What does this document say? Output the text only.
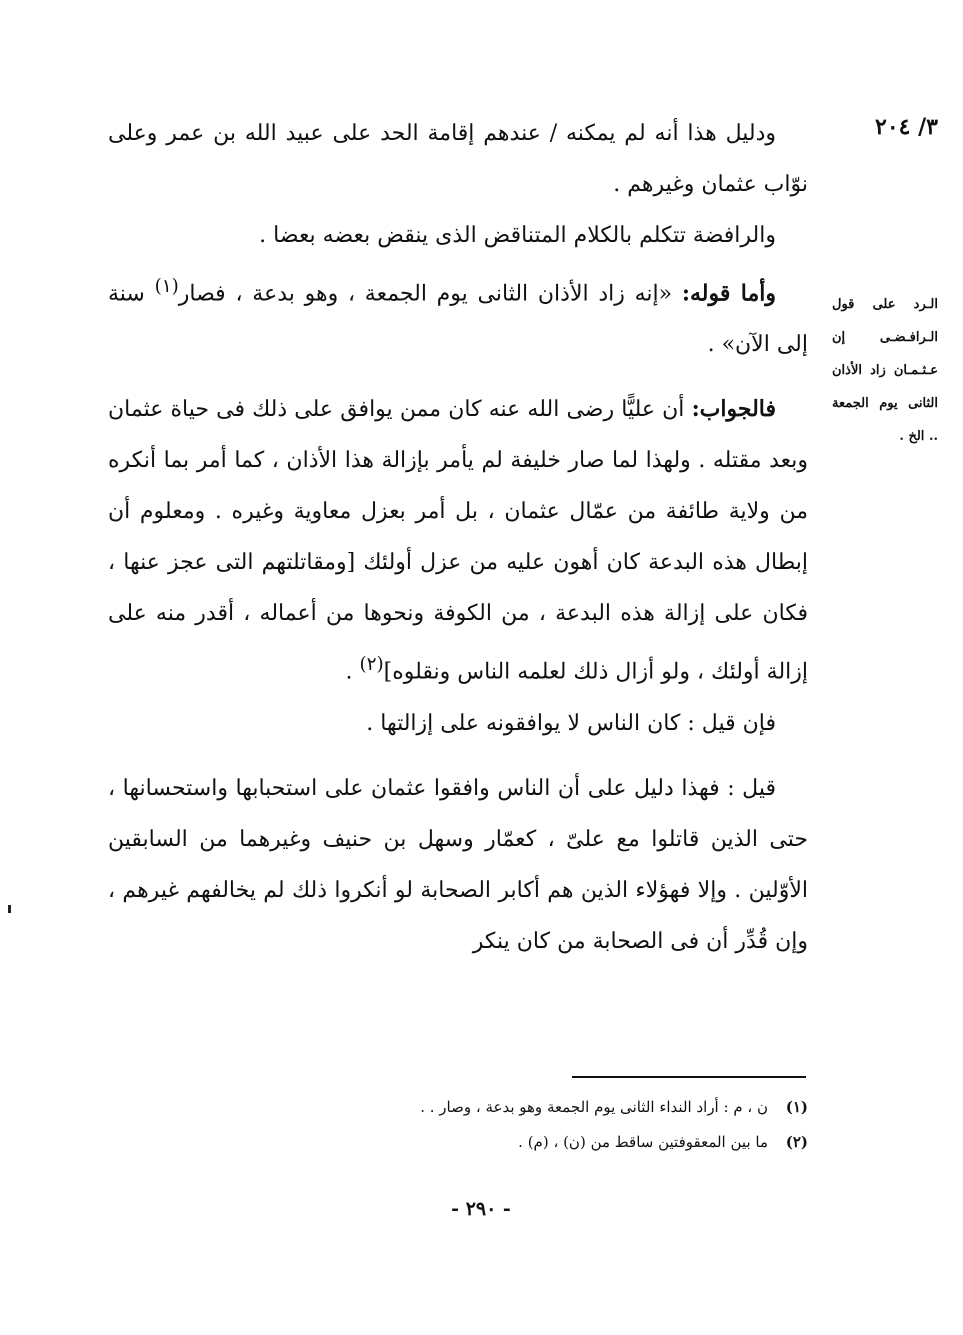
٣/ ٢٠٤
الـرد على قول الـرافـضـى إن عـثـمـان زاد الأذان الثانى يوم الجمعة .. الخ .

ودليل هذا أنه لم يمكنه / عندهم إقامة الحد على عبيد الله بن عمر وعلى نوّاب عثمان وغيرهم .

والرافضة تتكلم بالكلام المتناقض الذى ينقض بعضه بعضا .

وأما قوله: «إنه زاد الأذان الثانى يوم الجمعة ، وهو بدعة ، فصار$^{(١)}$ سنة إلى الآن» .

فالجواب: أن عليًّا رضى الله عنه كان ممن يوافق على ذلك فى حياة عثمان وبعد مقتله . ولهذا لما صار خليفة لم يأمر بإزالة هذا الأذان ، كما أمر بما أنكره من ولاية طائفة من عمّال عثمان ، بل أمر بعزل معاوية وغيره . ومعلوم أن إبطال هذه البدعة كان أهون عليه من عزل أولئك [ومقاتلتهم التى عجز عنها ، فكان على إزالة هذه البدعة ، من الكوفة ونحوها من أعماله ، أقدر منه على إزالة أولئك ، ولو أزال ذلك لعلمه الناس ونقلوه]$^{(٢)}$ .

فإن قيل : كان الناس لا يوافقونه على إزالتها .

قيل : فهذا دليل على أن الناس وافقوا عثمان على استحبابها واستحسانها ، حتى الذين قاتلوا مع علىّ ، كعمّار وسهل بن حنيف وغيرهما من السابقين الأوّلين . وإلا فهؤلاء الذين هم أكابر الصحابة لو أنكروا ذلك لم يخالفهم غيرهم ، وإن قُدِّر أن فى الصحابة من كان ينكر

(١)ن ، م : أراد النداء الثانى يوم الجمعة وهو بدعة ، وصار . .
(٢)ما بين المعقوفتين ساقط من (ن) ، (م) .
- ٢٩٠ -
